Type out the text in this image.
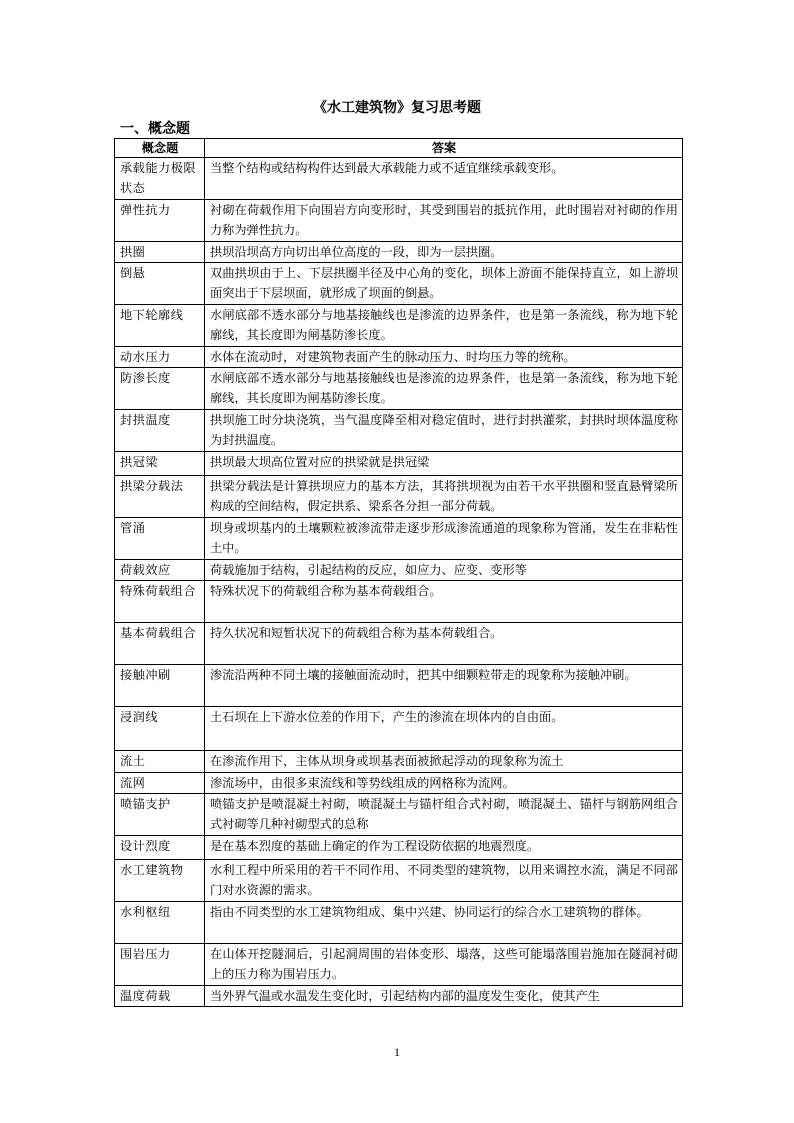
《水工建筑物》复习思考题
一、概念题
概念题	答案
承载能力极限状态	当整个结构或结构构件达到最大承载能力或不适宜继续承载变形。
弹性抗力	衬砌在荷载作用下向围岩方向变形时，其受到围岩的抵抗作用，此时围岩对衬砌的作用力称为弹性抗力。
拱圈	拱坝沿坝高方向切出单位高度的一段，即为一层拱圈。
倒悬	双曲拱坝由于上、下层拱圈半径及中心角的变化，坝体上游面不能保持直立，如上游坝面突出于下层坝面，就形成了坝面的倒悬。
地下轮廓线	水闸底部不透水部分与地基接触线也是渗流的边界条件，也是第一条流线，称为地下轮廓线，其长度即为闸基防渗长度。
动水压力	水体在流动时，对建筑物表面产生的脉动压力、时均压力等的统称。
防渗长度	水闸底部不透水部分与地基接触线也是渗流的边界条件，也是第一条流线，称为地下轮廓线，其长度即为闸基防渗长度。
封拱温度	拱坝施工时分块浇筑，当气温度降至相对稳定值时，进行封拱灌浆，封拱时坝体温度称为封拱温度。
拱冠梁	拱坝最大坝高位置对应的拱梁就是拱冠梁
拱梁分载法	拱梁分载法是计算拱坝应力的基本方法，其将拱坝视为由若干水平拱圈和竖直悬臂梁所构成的空间结构，假定拱系、梁系各分担一部分荷载。
管涌	坝身或坝基内的土壤颗粒被渗流带走逐步形成渗流通道的现象称为管涌，发生在非粘性土中。
荷载效应	荷载施加于结构，引起结构的反应，如应力、应变、变形等
特殊荷载组合	特殊状况下的荷载组合称为基本荷载组合。
基本荷载组合	持久状况和短暂状况下的荷载组合称为基本荷载组合。
接触冲刷	渗流沿两种不同土壤的接触面流动时，把其中细颗粒带走的现象称为接触冲刷。
浸润线	土石坝在上下游水位差的作用下，产生的渗流在坝体内的自由面。
流土	在渗流作用下，主体从坝身或坝基表面被掀起浮动的现象称为流土
流网	渗流场中，由很多束流线和等势线组成的网格称为流网。
喷锚支护	喷锚支护是喷混凝土衬砌，喷混凝土与锚杆组合式衬砌，喷混凝土、锚杆与钢筋网组合式衬砌等几种衬砌型式的总称
设计烈度	是在基本烈度的基础上确定的作为工程设防依据的地震烈度。
水工建筑物	水利工程中所采用的若干不同作用、不同类型的建筑物，以用来调控水流，满足不同部门对水资源的需求。
水利枢纽	指由不同类型的水工建筑物组成、集中兴建、协同运行的综合水工建筑物的群体。
围岩压力	在山体开挖隧洞后，引起洞周围的岩体变形、塌落，这些可能塌落围岩施加在隧洞衬砌上的压力称为围岩压力。
温度荷载	当外界气温或水温发生变化时，引起结构内部的温度发生变化，使其产生
1
